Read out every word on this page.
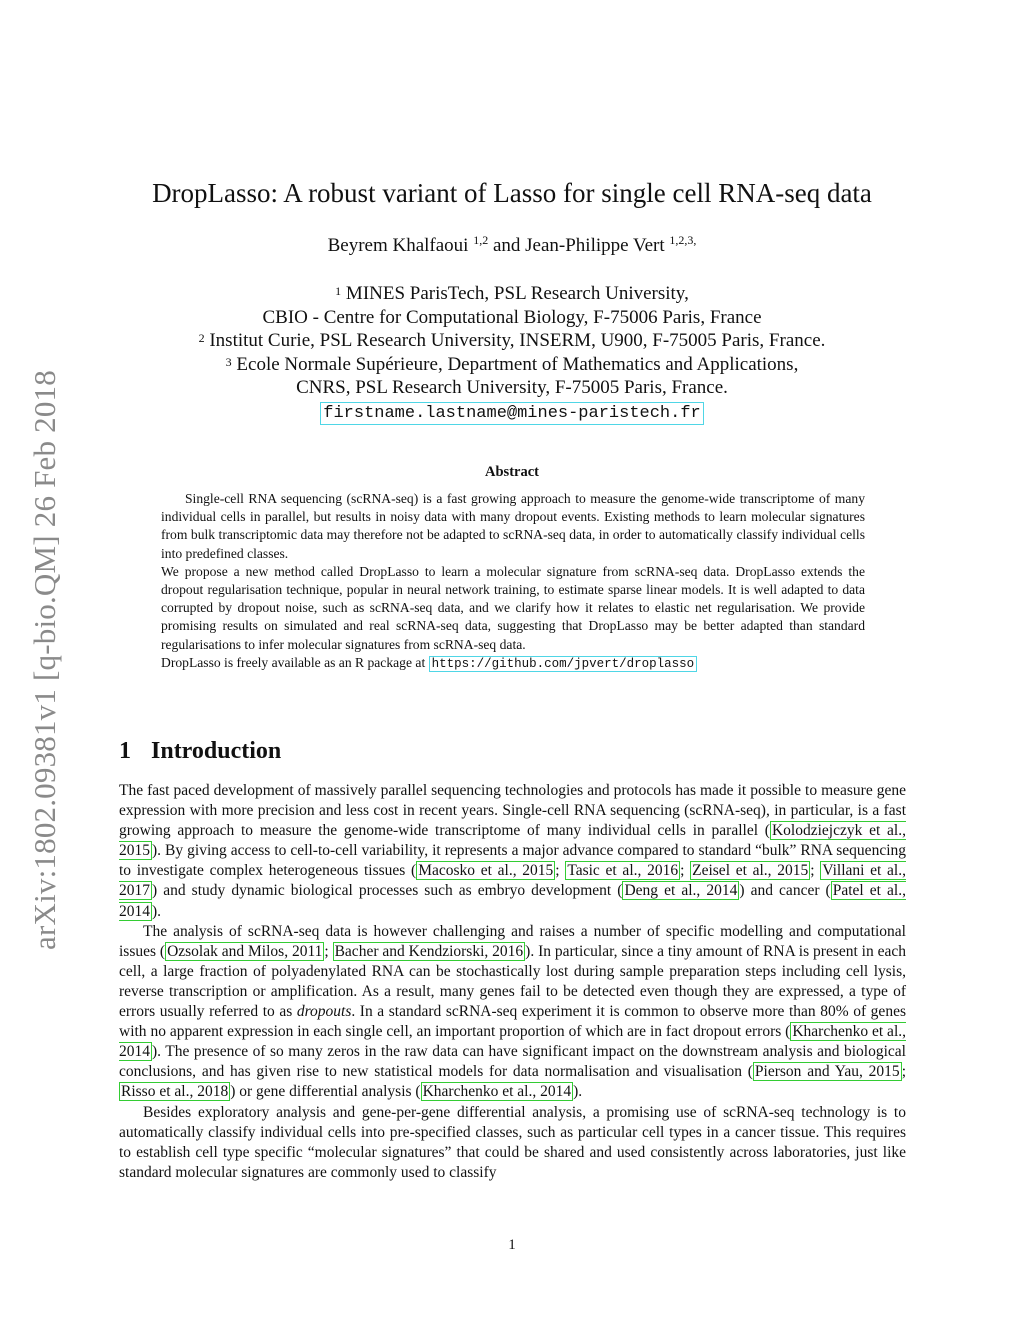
arXiv:1802.09381v1 [q-bio.QM] 26 Feb 2018
DropLasso: A robust variant of Lasso for single cell RNA-seq data
Beyrem Khalfaoui $^{1,2}$ and Jean-Philippe Vert $^{1,2,3,}$
$^1$ MINES ParisTech, PSL Research University,
CBIO - Centre for Computational Biology, F-75006 Paris, France
$^2$ Institut Curie, PSL Research University, INSERM, U900, F-75005 Paris, France.
$^3$ Ecole Normale Supérieure, Department of Mathematics and Applications,
CNRS, PSL Research University, F-75005 Paris, France.
firstname.lastname@mines-paristech.fr
Abstract

Single-cell RNA sequencing (scRNA-seq) is a fast growing approach to measure the genome-wide transcriptome of many individual cells in parallel, but results in noisy data with many dropout events. Existing methods to learn molecular signatures from bulk transcriptomic data may therefore not be adapted to scRNA-seq data, in order to automatically classify individual cells into predefined classes.

We propose a new method called DropLasso to learn a molecular signature from scRNA-seq data. DropLasso extends the dropout regularisation technique, popular in neural network training, to estimate sparse linear models. It is well adapted to data corrupted by dropout noise, such as scRNA-seq data, and we clarify how it relates to elastic net regularisation. We provide promising results on simulated and real scRNA-seq data, suggesting that DropLasso may be better adapted than standard regularisations to infer molecular signatures from scRNA-seq data.

DropLasso is freely available as an R package at https://github.com/jpvert/droplasso

1 Introduction

The fast paced development of massively parallel sequencing technologies and protocols has made it possible to measure gene expression with more precision and less cost in recent years. Single-cell RNA sequencing (scRNA-seq), in particular, is a fast growing approach to measure the genome-wide transcriptome of many individual cells in parallel ( Kolodziejczyk et al., 2015 ). By giving access to cell-to-cell variability, it represents a major advance compared to standard “bulk” RNA sequencing to investigate complex heterogeneous tissues ( Macosko et al., 2015 ; Tasic et al., 2016 ; Zeisel et al., 2015 ; Villani et al., 2017 ) and study dynamic biological processes such as embryo development ( Deng et al., 2014 ) and cancer ( Patel et al., 2014 ).

The analysis of scRNA-seq data is however challenging and raises a number of specific modelling and computational issues ( Ozsolak and Milos, 2011 ; Bacher and Kendziorski, 2016 ). In particular, since a tiny amount of RNA is present in each cell, a large fraction of polyadenylated RNA can be stochastically lost during sample preparation steps including cell lysis, reverse transcription or amplification. As a result, many genes fail to be detected even though they are expressed, a type of errors usually referred to as dropouts. In a standard scRNA-seq experiment it is common to observe more than 80% of genes with no apparent expression in each single cell, an important proportion of which are in fact dropout errors ( Kharchenko et al., 2014 ). The presence of so many zeros in the raw data can have significant impact on the downstream analysis and biological conclusions, and has given rise to new statistical models for data normalisation and visualisation ( Pierson and Yau, 2015 ; Risso et al., 2018 ) or gene differential analysis ( Kharchenko et al., 2014 ).

Besides exploratory analysis and gene-per-gene differential analysis, a promising use of scRNA-seq technology is to automatically classify individual cells into pre-specified classes, such as particular cell types in a cancer tissue. This requires to establish cell type specific “molecular signatures” that could be shared and used consistently across laboratories, just like standard molecular signatures are commonly used to classify

1
